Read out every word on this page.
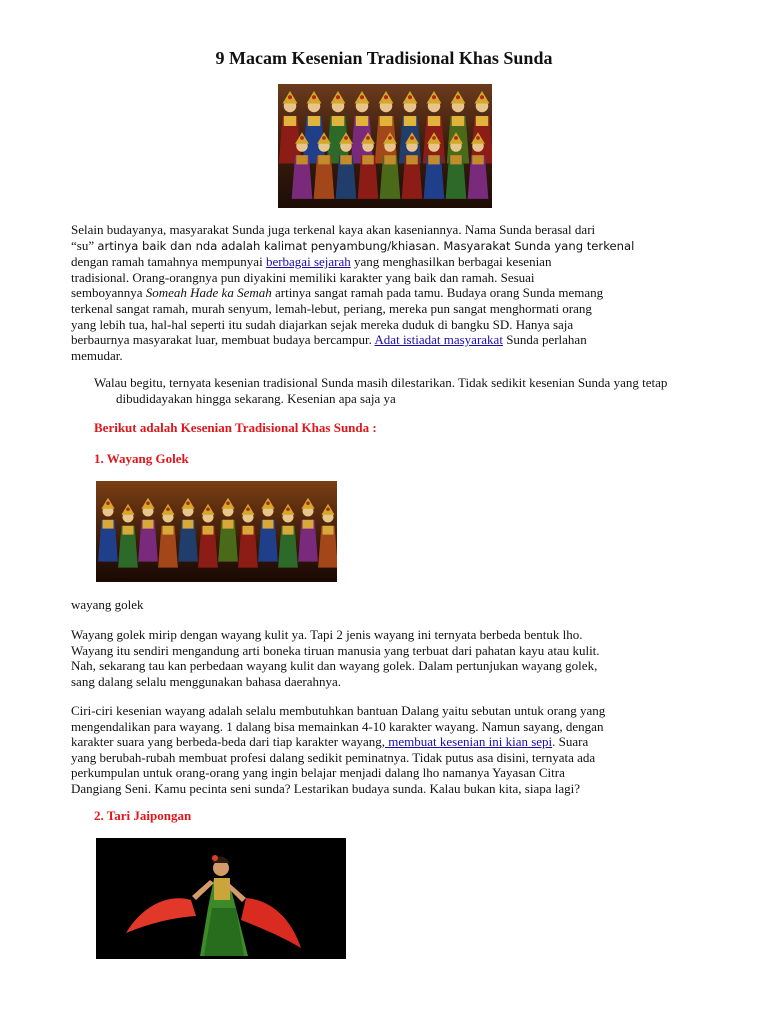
9 Macam Kesenian Tradisional Khas Sunda
Selain budayanya, masyarakat Sunda juga terkenal kaya akan kaseniannya. Nama Sunda berasal dari
“su” artinya baik dan nda adalah kalimat penyambung/khiasan. Masyarakat Sunda yang terkenal
dengan ramah tamahnya mempunyai berbagai sejarah yang menghasilkan berbagai kesenian
tradisional. Orang-orangnya pun diyakini memiliki karakter yang baik dan ramah. Sesuai
semboyannya Someah Hade ka Semah artinya sangat ramah pada tamu. Budaya orang Sunda memang
terkenal sangat ramah, murah senyum, lemah-lebut, periang, mereka pun sangat menghormati orang
yang lebih tua, hal-hal seperti itu sudah diajarkan sejak mereka duduk di bangku SD. Hanya saja
berbaurnya masyarakat luar, membuat budaya bercampur. Adat istiadat masyarakat Sunda perlahan
memudar.

Walau begitu, ternyata kesenian tradisional Sunda masih dilestarikan. Tidak sedikit kesenian Sunda yang tetap dibudidayakan hingga sekarang. Kesenian apa saja ya

Berikut adalah Kesenian Tradisional Khas Sunda :

1. Wayang Golek

wayang golek

Wayang golek mirip dengan wayang kulit ya. Tapi 2 jenis wayang ini ternyata berbeda bentuk lho.
Wayang itu sendiri mengandung arti boneka tiruan manusia yang terbuat dari pahatan kayu atau kulit.
Nah, sekarang tau kan perbedaan wayang kulit dan wayang golek. Dalam pertunjukan wayang golek,
sang dalang selalu menggunakan bahasa daerahnya.
Ciri-ciri kesenian wayang adalah selalu membutuhkan bantuan Dalang yaitu sebutan untuk orang yang
mengendalikan para wayang. 1 dalang bisa memainkan 4-10 karakter wayang. Namun sayang, dengan
karakter suara yang berbeda-beda dari tiap karakter wayang, membuat kesenian ini kian sepi. Suara
yang berubah-rubah membuat profesi dalang sedikit peminatnya. Tidak putus asa disini, ternyata ada
perkumpulan untuk orang-orang yang ingin belajar menjadi dalang lho namanya Yayasan Citra
Dangiang Seni. Kamu pecinta seni sunda? Lestarikan budaya sunda. Kalau bukan kita, siapa lagi?

2. Tari Jaipongan
